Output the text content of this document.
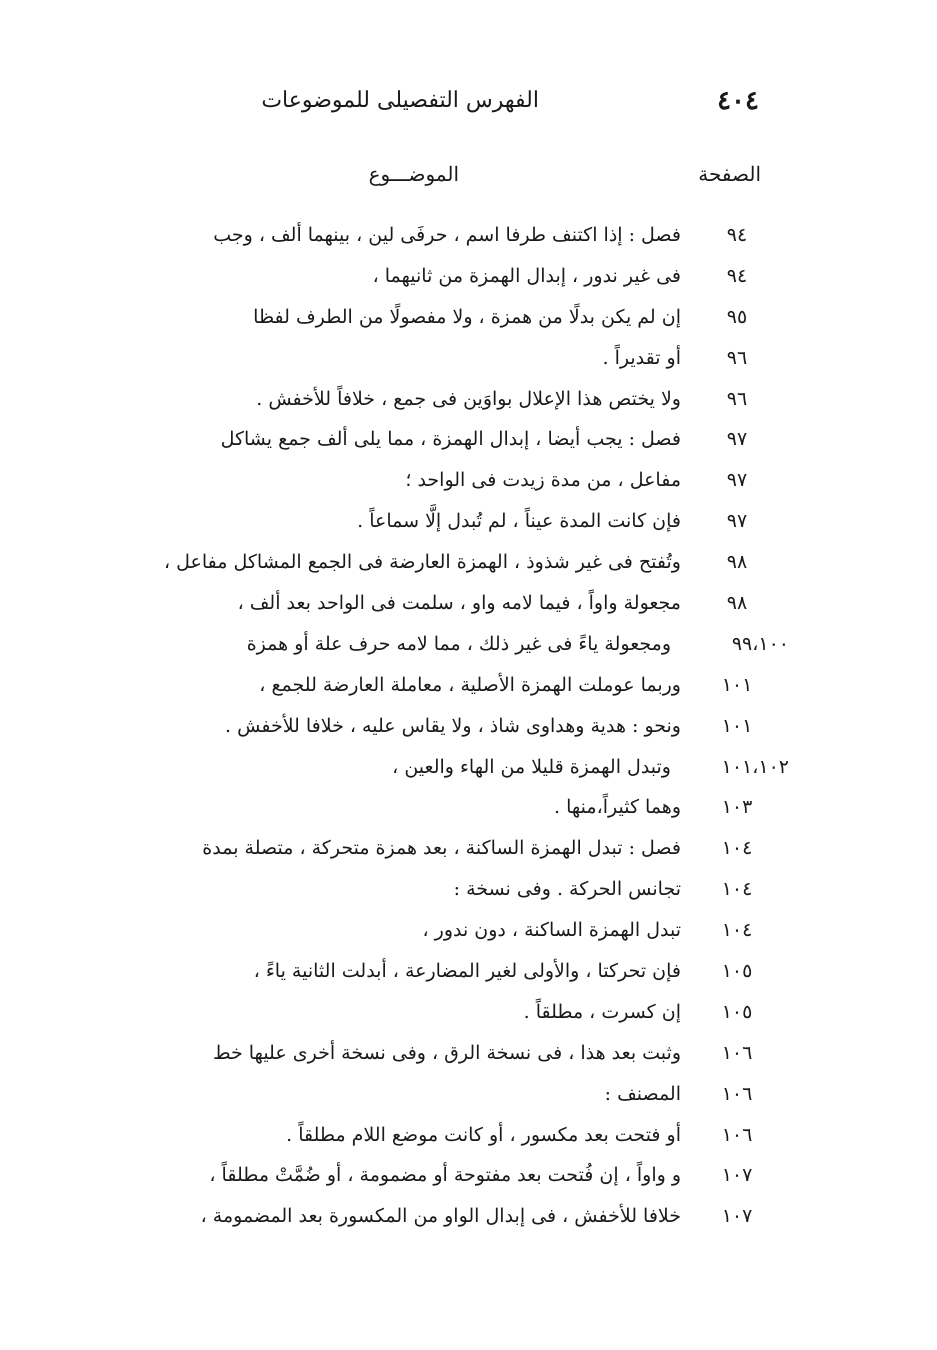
٤٠٤
الفهرس التفصيلى للموضوعات
الصفحة
الموضـــوع
٩٤
فصل : إذا اكتنف طرفا اسم ، حرفَى لين ، بينهما ألف ، وجب
٩٤
فى غير ندور ، إبدال الهمزة من ثانيهما ،
٩٥
إن لم يكن بدلًا من همزة ، ولا مفصولًا من الطرف لفظا
٩٦
أو تقديراً .
٩٦
ولا يختص هذا الإعلال بواوَين فى جمع ، خلافاً للأخفش .
٩٧
فصل : يجب أيضا ، إبدال الهمزة ، مما يلى ألف جمع يشاكل
٩٧
مفاعل ، من مدة زيدت فى الواحد ؛
٩٧
فإن كانت المدة عيناً ، لم تُبدل إلَّا سماعاً .
٩٨
وتُفتح فى غير شذوذ ، الهمزة العارضة فى الجمع المشاكل مفاعل ،
٩٨
مجعولة واواً ، فيما لامه واو ، سلمت فى الواحد بعد ألف ،
٩٩،١٠٠
ومجعولة ياءً فى غير ذلك ، مما لامه حرف علة أو همزة
١٠١
وربما عوملت الهمزة الأصلية ، معاملة العارضة للجمع ،
١٠١
ونحو : هدية وهداوى شاذ ، ولا يقاس عليه ، خلافا للأخفش .
١٠١،١٠٢
وتبدل الهمزة قليلا من الهاء والعين ،
١٠٣
وهما كثيراً،منها .
١٠٤
فصل : تبدل الهمزة الساكنة ، بعد همزة متحركة ، متصلة بمدة
١٠٤
تجانس الحركة . وفى نسخة :
١٠٤
تبدل الهمزة الساكنة ، دون ندور ،
١٠٥
فإن تحركتا ، والأولى لغير المضارعة ، أبدلت الثانية ياءً ،
١٠٥
إن كسرت ، مطلقاً .
١٠٦
وثبت بعد هذا ، فى نسخة الرق ، وفى نسخة أخرى عليها خط
١٠٦
المصنف :
١٠٦
أو فتحت بعد مكسور ، أو كانت موضع اللام مطلقاً .
١٠٧
و واواً ، إن فُتحت بعد مفتوحة أو مضمومة ، أو ضُمَّتْ مطلقاً ،
١٠٧
خلافا للأخفش ، فى إبدال الواو من المكسورة بعد المضمومة ،
